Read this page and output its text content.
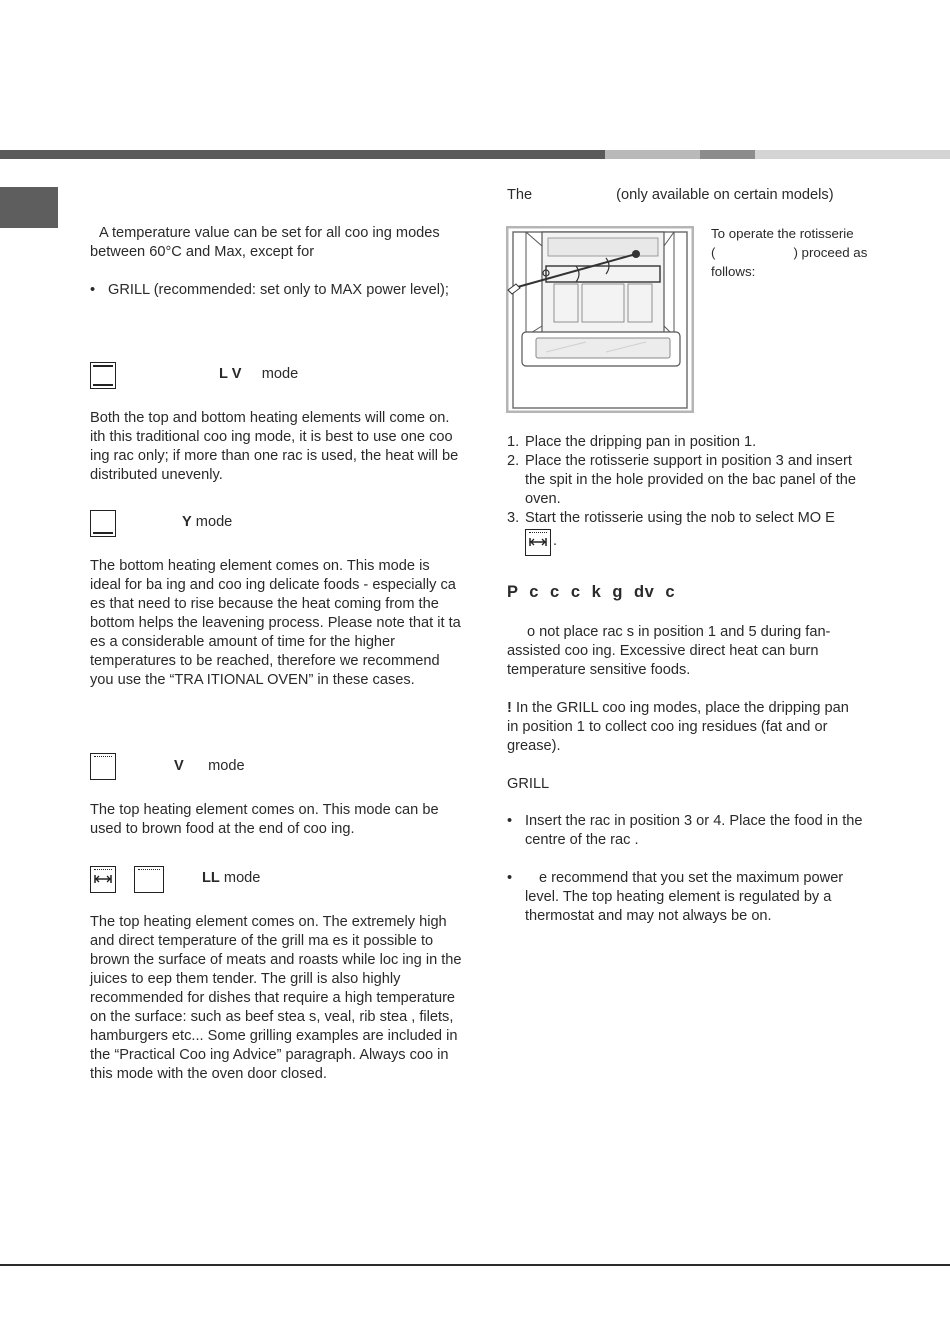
A temperature value can be set for all coo ing modes between 60°C and Max, except for

• GRILL (recommended: set only to MAX power level);
L V mode

Both the top and bottom heating elements will come on. ith this traditional coo ing mode, it is best to use one coo ing rac only; if more than one rac is used, the heat will be distributed unevenly.

Y mode

The bottom heating element comes on. This mode is ideal for ba ing and coo ing delicate foods - especially ca es that need to rise because the heat coming from the bottom helps the leavening process. Please note that it ta es a considerable amount of time for the higher temperatures to be reached, therefore we recommend you use the “TRA ITIONAL OVEN” in these cases.

V mode

The top heating element comes on. This mode can be used to brown food at the end of coo ing.

LL mode

The top heating element comes on. The extremely high and direct temperature of the grill ma es it possible to brown the surface of meats and roasts while loc ing in the juices to eep them tender. The grill is also highly recommended for dishes that require a high temperature on the surface: such as beef stea s, veal, rib stea , filets, hamburgers etc... Some grilling examples are included in the “Practical Coo ing Advice” paragraph. Always coo in this mode with the oven door closed.

The	(only available on certain models)
To operate the rotisserie
(	) proceed as
follows:
1. Place the dripping pan in position 1.
2. Place the rotisserie support in position 3 and insert the spit in the hole provided on the bac panel of the oven.
3. Start the rotisserie using the nob to select MO E
.
P c c c k g dv c

o not place rac s in position 1 and 5 during fan-assisted coo ing. Excessive direct heat can burn temperature sensitive foods.

! In the GRILL coo ing modes, place the dripping pan in position 1 to collect coo ing residues (fat and or grease).

GRILL
• Insert the rac in position 3 or 4. Place the food in the centre of the rac .
•	e recommend that you set the maximum power level. The top heating element is regulated by a thermostat and may not always be on.
